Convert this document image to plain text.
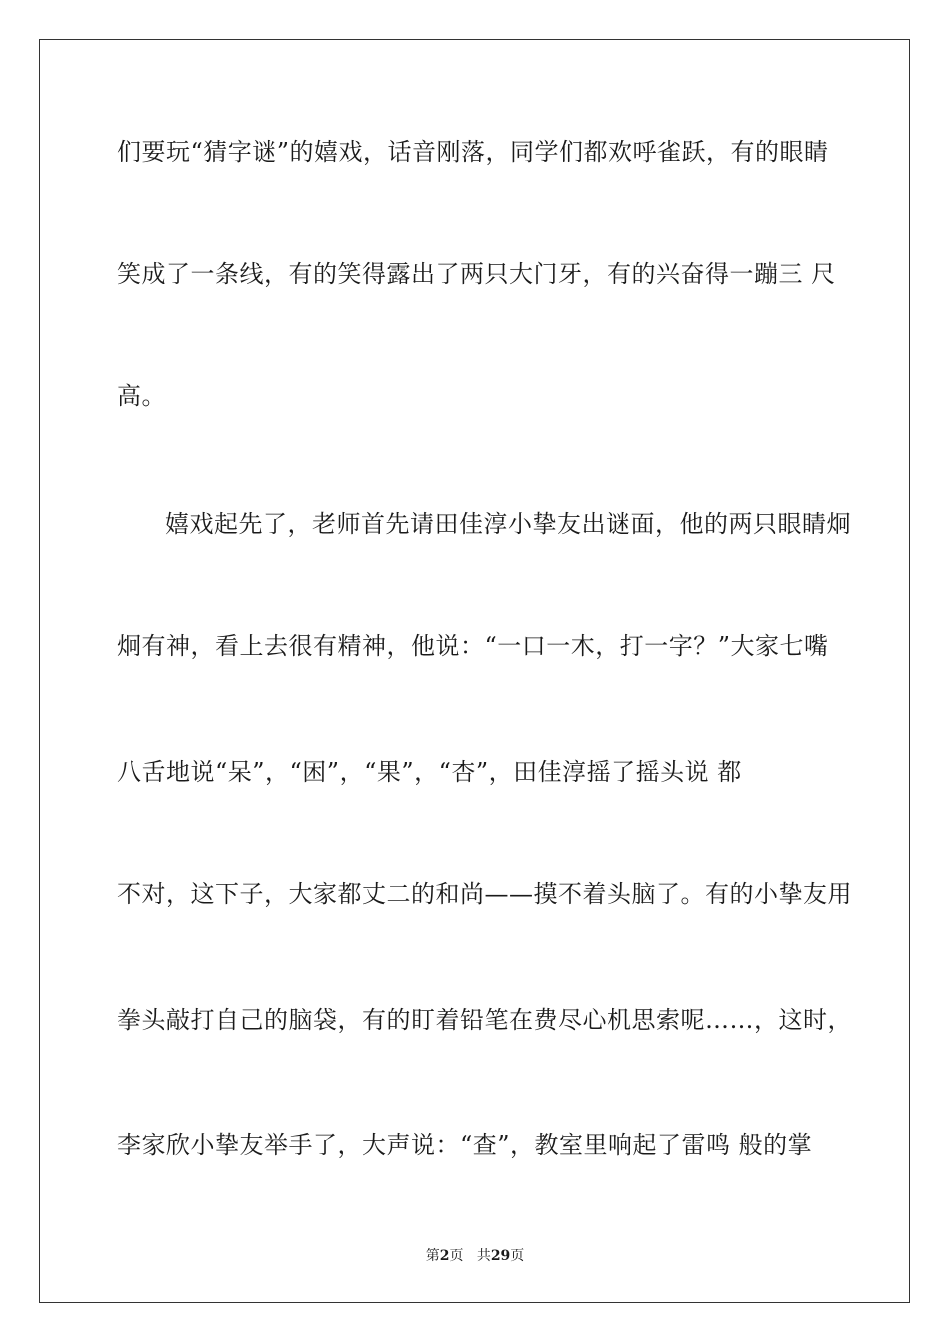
们要玩“猜字谜”的嬉戏，话音刚落，同学们都欢呼雀跃，有的眼睛
笑成了一条线，有的笑得露出了两只大门牙，有的兴奋得一蹦三 尺
高。
嬉戏起先了，老师首先请田佳淳小挚友出谜面，他的两只眼睛炯
炯有神，看上去很有精神，他说：“一口一木，打一字？”大家七嘴
八舌地说“呆”，“困”，“果”，“杏”，田佳淳摇了摇头说 都
不对，这下子，大家都丈二的和尚——摸不着头脑了。有的小挚友用
拳头敲打自己的脑袋，有的盯着铅笔在费尽心机思索呢……，这时，
李家欣小挚友举手了，大声说：“查”，教室里响起了雷鸣 般的掌
第2页 共29页
